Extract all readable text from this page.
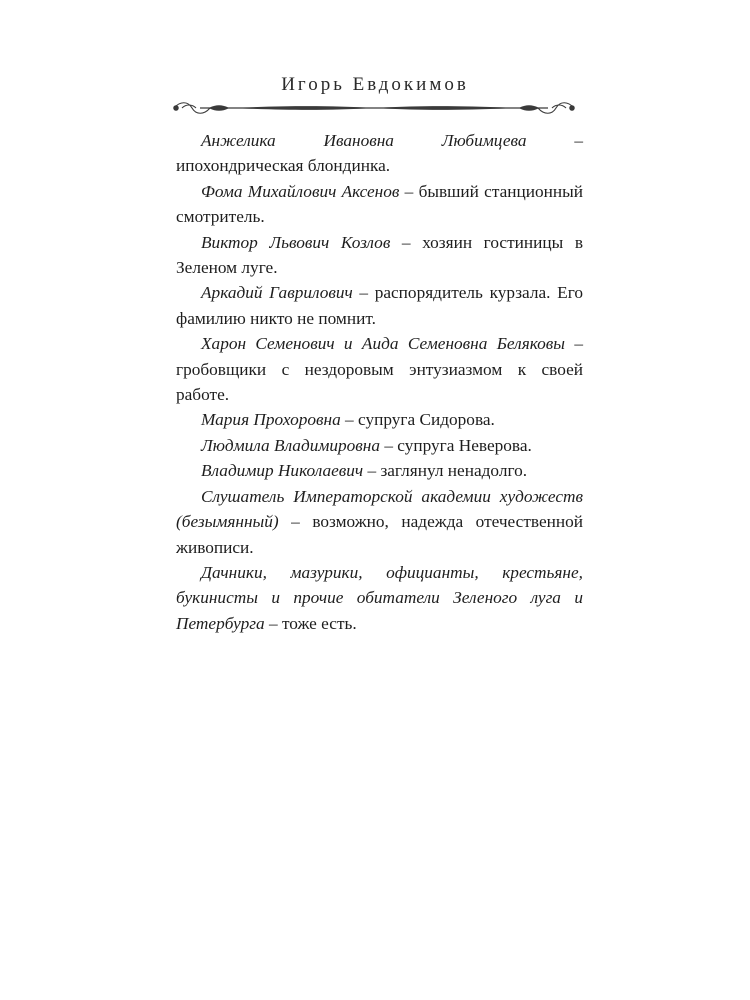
Игорь Евдокимов

Анжелика Ивановна Любимцева – ипохондрическая блондинка.

Фома Михайлович Аксенов – бывший станционный смотритель.

Виктор Львович Козлов – хозяин гостиницы в Зеленом луге.

Аркадий Гаврилович – распорядитель курзала. Его фамилию никто не помнит.

Харон Семенович и Аида Семеновна Беляковы – гробовщики с нездоровым энтузиазмом к своей работе.

Мария Прохоровна – супруга Сидорова.

Людмила Владимировна – супруга Неверова.

Владимир Николаевич – заглянул ненадолго.

Слушатель Императорской академии художеств (безымянный) – возможно, надежда отечественной живописи.

Дачники, мазурики, официанты, крестьяне, букинисты и прочие обитатели Зеленого луга и Петербурга – тоже есть.
